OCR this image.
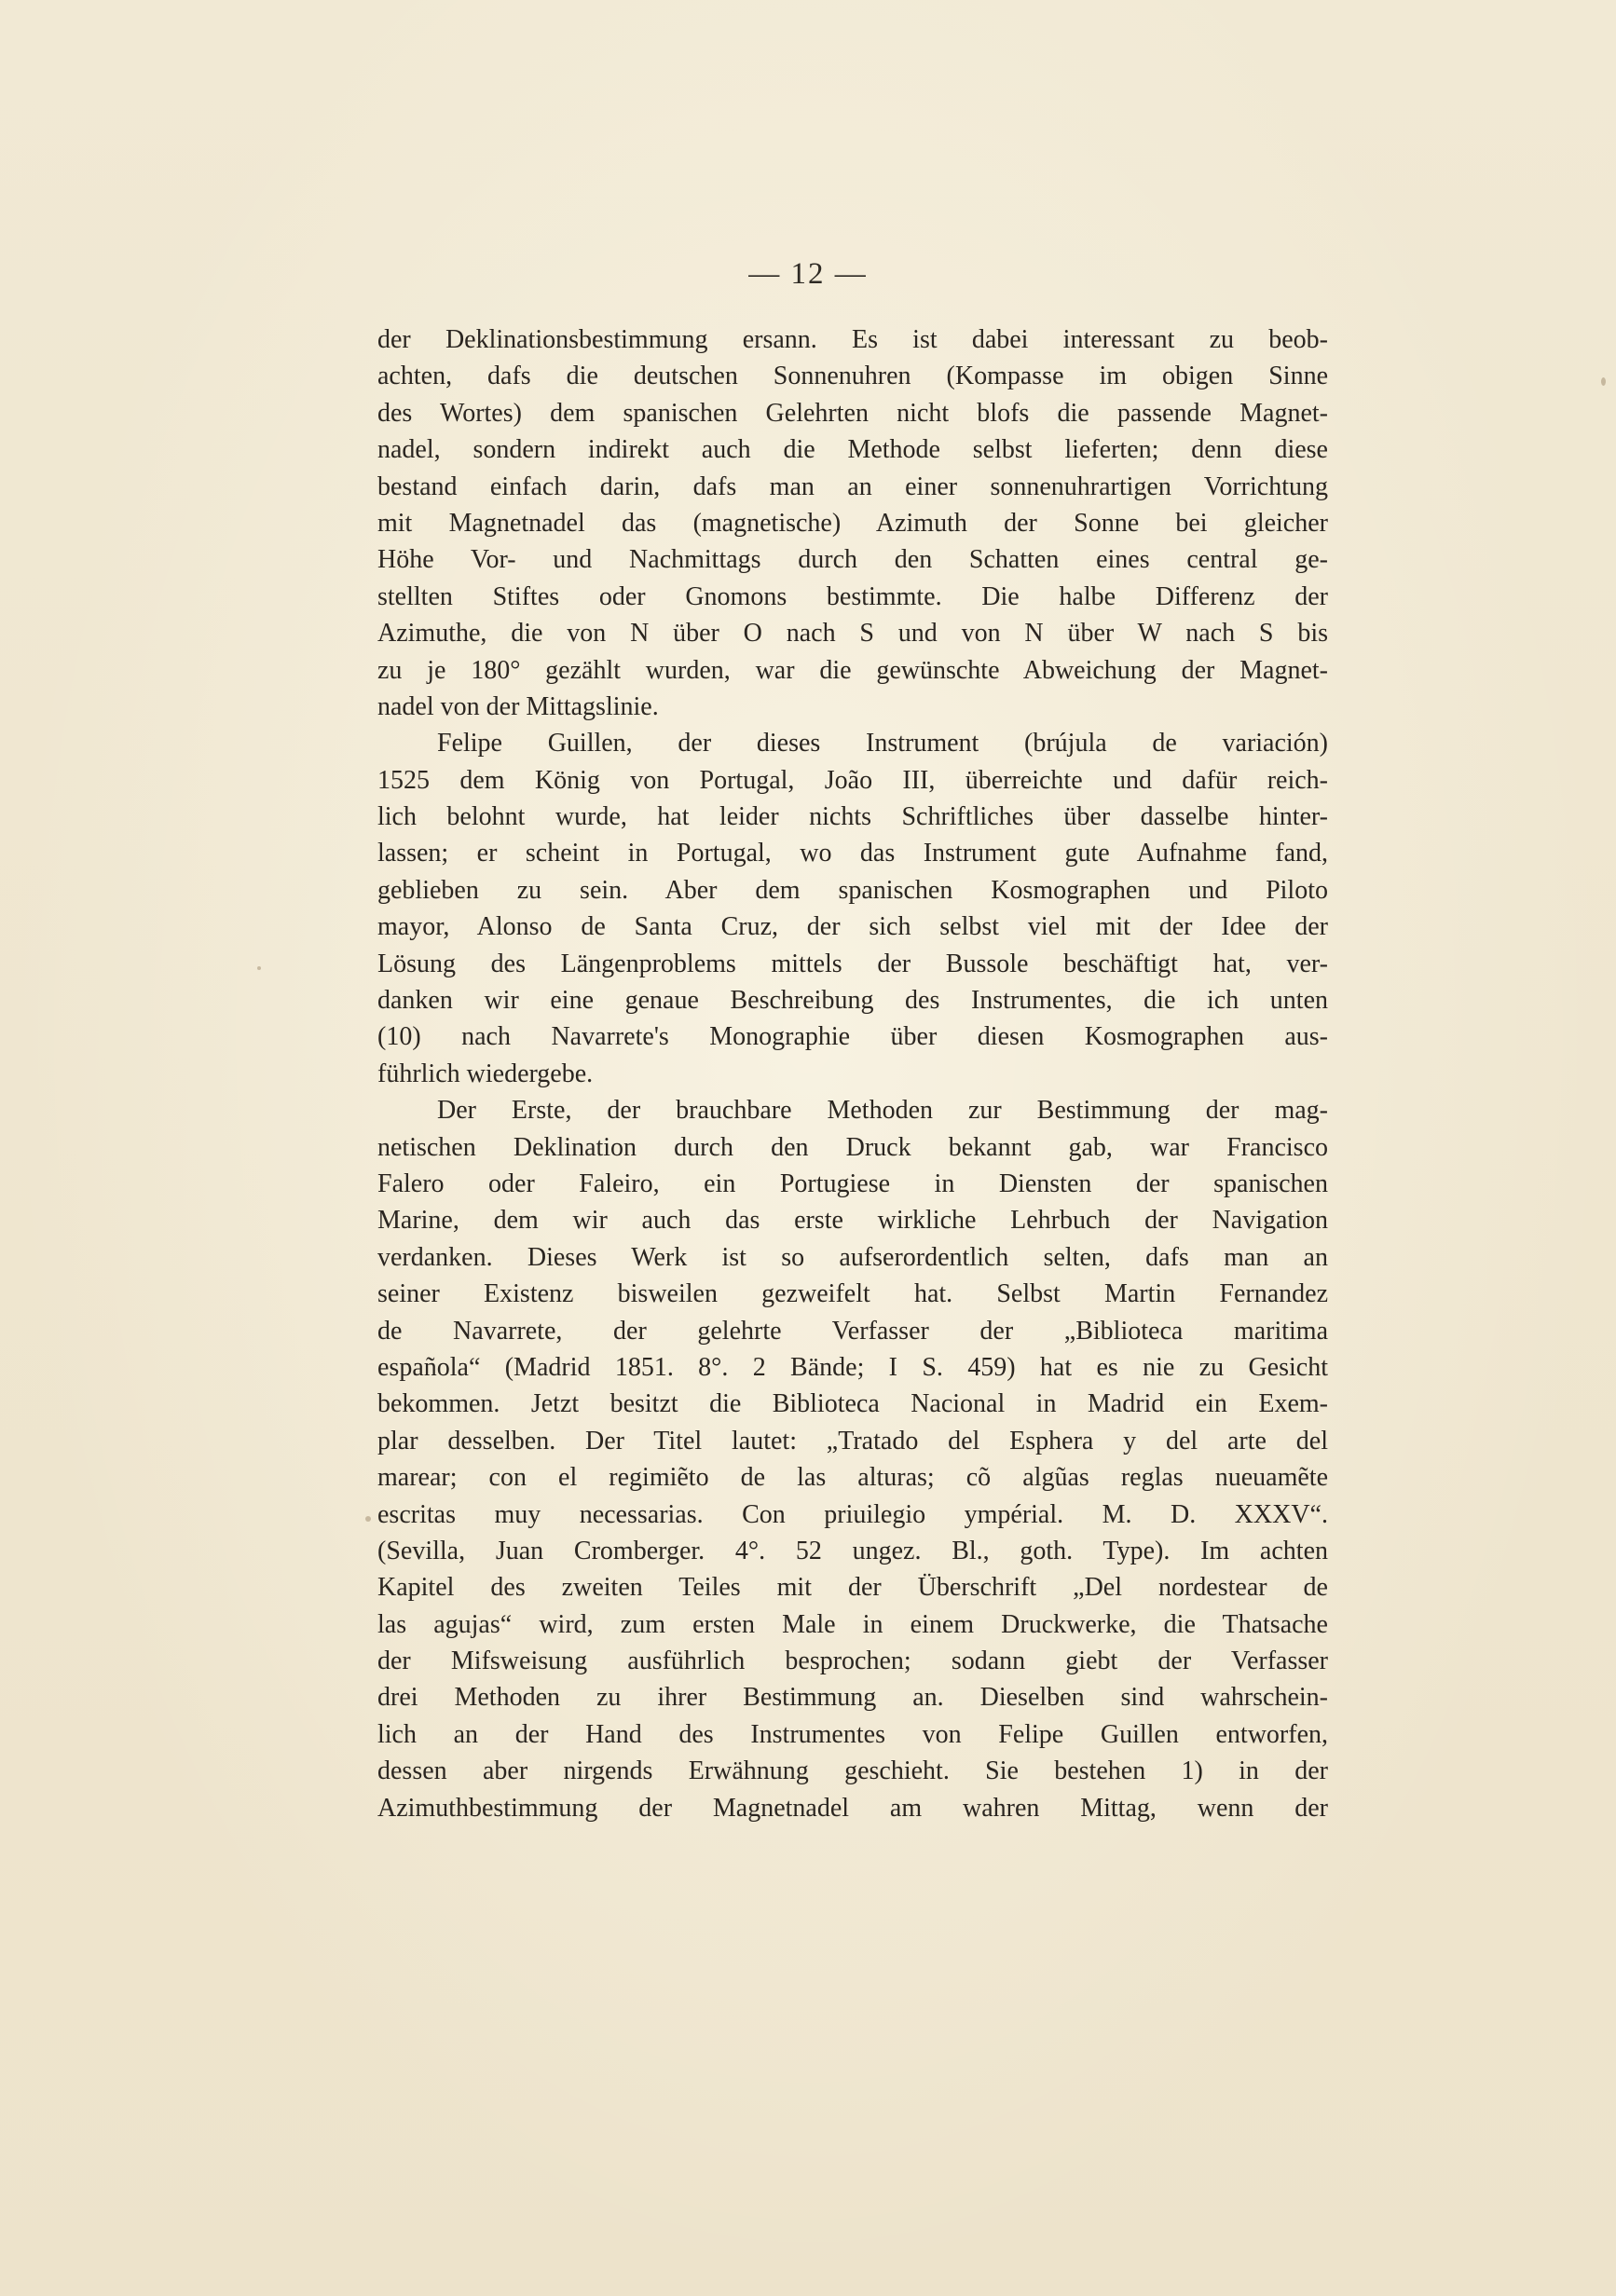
— 12 —
der Deklinationsbestimmung ersann. Es ist dabei interessant zu beob-
achten, dafs die deutschen Sonnenuhren (Kompasse im obigen Sinne
des Wortes) dem spanischen Gelehrten nicht blofs die passende Magnet-
nadel, sondern indirekt auch die Methode selbst lieferten; denn diese
bestand einfach darin, dafs man an einer sonnenuhrartigen Vorrichtung
mit Magnetnadel das (magnetische) Azimuth der Sonne bei gleicher
Höhe Vor- und Nachmittags durch den Schatten eines central ge-
stellten Stiftes oder Gnomons bestimmte. Die halbe Differenz der
Azimuthe, die von N über O nach S und von N über W nach S bis
zu je 180° gezählt wurden, war die gewünschte Abweichung der Magnet-
nadel von der Mittagslinie.
Felipe Guillen, der dieses Instrument (brújula de variación)
1525 dem König von Portugal, João III, überreichte und dafür reich-
lich belohnt wurde, hat leider nichts Schriftliches über dasselbe hinter-
lassen; er scheint in Portugal, wo das Instrument gute Aufnahme fand,
geblieben zu sein. Aber dem spanischen Kosmographen und Piloto
mayor, Alonso de Santa Cruz, der sich selbst viel mit der Idee der
Lösung des Längenproblems mittels der Bussole beschäftigt hat, ver-
danken wir eine genaue Beschreibung des Instrumentes, die ich unten
(10) nach Navarrete's Monographie über diesen Kosmographen aus-
führlich wiedergebe.
Der Erste, der brauchbare Methoden zur Bestimmung der mag-
netischen Deklination durch den Druck bekannt gab, war Francisco
Falero oder Faleiro, ein Portugiese in Diensten der spanischen
Marine, dem wir auch das erste wirkliche Lehrbuch der Navigation
verdanken. Dieses Werk ist so aufserordentlich selten, dafs man an
seiner Existenz bisweilen gezweifelt hat. Selbst Martin Fernandez
de Navarrete, der gelehrte Verfasser der „Biblioteca maritima
española“ (Madrid 1851. 8°. 2 Bände; I S. 459) hat es nie zu Gesicht
bekommen. Jetzt besitzt die Biblioteca Nacional in Madrid ein Exem-
plar desselben. Der Titel lautet: „Tratado del Esphera y del arte del
marear; con el regimiẽto de las alturas; cõ algũas reglas nueuamẽte
escritas muy necessarias. Con priuilegio ympérial. M. D. XXXV“.
(Sevilla, Juan Cromberger. 4°. 52 ungez. Bl., goth. Type). Im achten
Kapitel des zweiten Teiles mit der Überschrift „Del nordestear de
las agujas“ wird, zum ersten Male in einem Druckwerke, die Thatsache
der Mifsweisung ausführlich besprochen; sodann giebt der Verfasser
drei Methoden zu ihrer Bestimmung an. Dieselben sind wahrschein-
lich an der Hand des Instrumentes von Felipe Guillen entworfen,
dessen aber nirgends Erwähnung geschieht. Sie bestehen 1) in der
Azimuthbestimmung der Magnetnadel am wahren Mittag, wenn der
